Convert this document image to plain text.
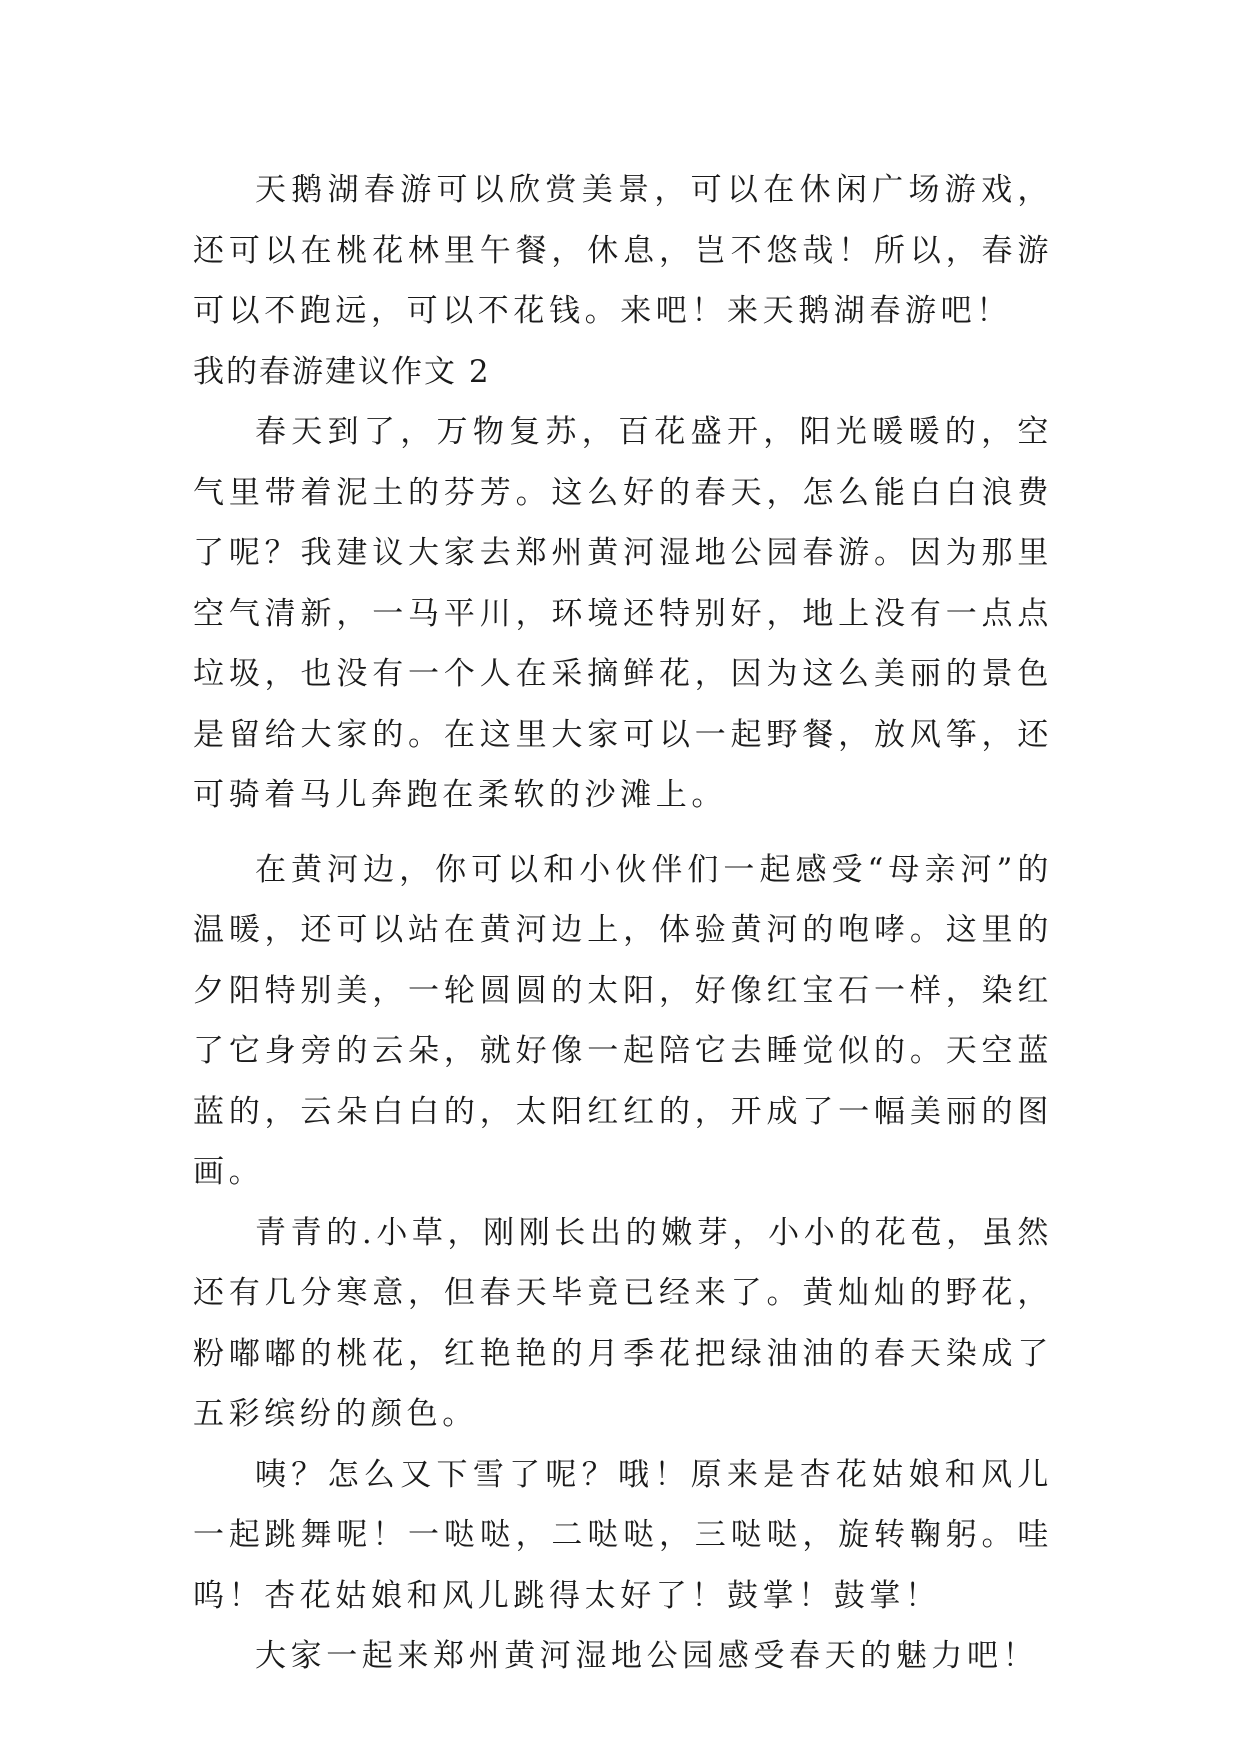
天鹅湖春游可以欣赏美景，可以在休闲广场游戏，还可以在桃花林里午餐，休息，岂不悠哉！所以，春游可以不跑远，可以不花钱。来吧！来天鹅湖春游吧！

我的春游建议作文 2

春天到了，万物复苏，百花盛开，阳光暖暖的，空气里带着泥土的芬芳。这么好的春天，怎么能白白浪费了呢？我建议大家去郑州黄河湿地公园春游。因为那里空气清新，一马平川，环境还特别好，地上没有一点点垃圾，也没有一个人在采摘鲜花，因为这么美丽的景色是留给大家的。在这里大家可以一起野餐，放风筝，还可骑着马儿奔跑在柔软的沙滩上。

在黄河边，你可以和小伙伴们一起感受“母亲河”的温暖，还可以站在黄河边上，体验黄河的咆哮。这里的夕阳特别美，一轮圆圆的太阳，好像红宝石一样，染红了它身旁的云朵，就好像一起陪它去睡觉似的。天空蓝蓝的，云朵白白的，太阳红红的，开成了一幅美丽的图画。

青青的.小草，刚刚长出的嫩芽，小小的花苞，虽然还有几分寒意，但春天毕竟已经来了。黄灿灿的野花，粉嘟嘟的桃花，红艳艳的月季花把绿油油的春天染成了五彩缤纷的颜色。

咦？怎么又下雪了呢？哦！原来是杏花姑娘和风儿一起跳舞呢！一哒哒，二哒哒，三哒哒，旋转鞠躬。哇呜！杏花姑娘和风儿跳得太好了！鼓掌！鼓掌！

大家一起来郑州黄河湿地公园感受春天的魅力吧！
